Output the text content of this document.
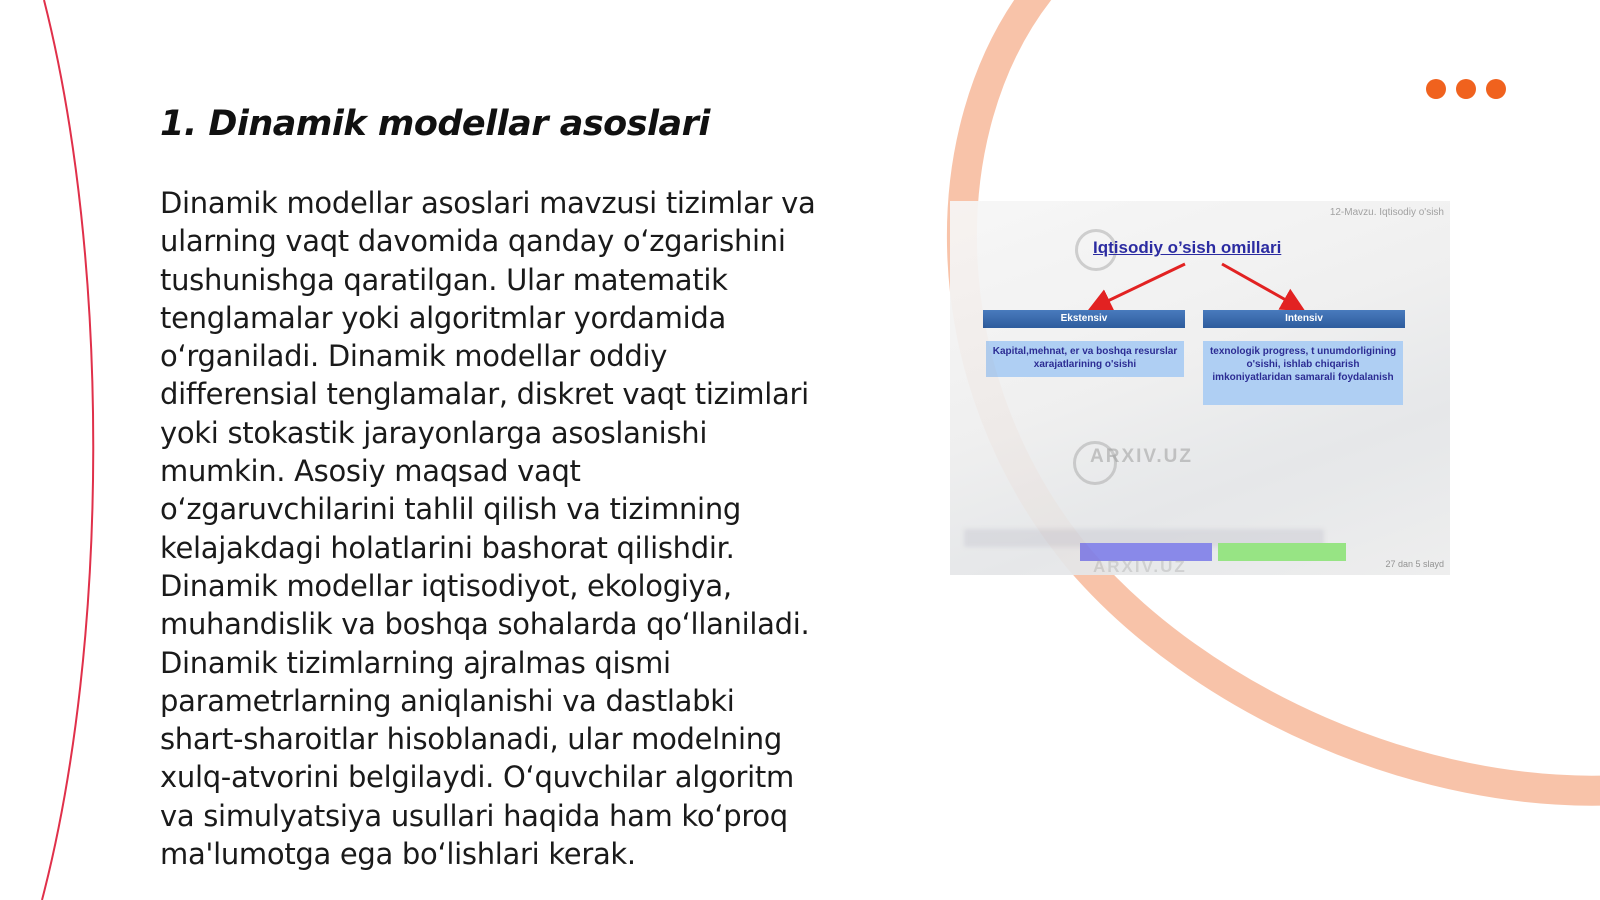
1. Dinamik modellar asoslari

Dinamik modellar asoslari mavzusi tizimlar va ularning vaqt davomida qanday o‘zgarishini tushunishga qaratilgan. Ular matematik tenglamalar yoki algoritmlar yordamida o‘rganiladi. Dinamik modellar oddiy differensial tenglamalar, diskret vaqt tizimlari yoki stokastik jarayonlarga asoslanishi mumkin. Asosiy maqsad vaqt o‘zgaruvchilarini tahlil qilish va tizimning kelajakdagi holatlarini bashorat qilishdir. Dinamik modellar iqtisodiyot, ekologiya, muhandislik va boshqa sohalarda qo‘llaniladi. Dinamik tizimlarning ajralmas qismi parametrlarning aniqlanishi va dastlabki shart-sharoitlar hisoblanadi, ular modelning xulq-atvorini belgilaydi. O‘quvchilar algoritm va simulyatsiya usullari haqida ham ko‘proq ma'lumotga ega bo‘lishlari kerak.

12-Mavzu. Iqtisodiy o'sish
Iqtisodiy o’sish omillari
Ekstensiv	Intensiv
Kapital,mehnat, er va boshqa resurslar xarajatlarining o'sishi
texnologik progress, t unumdorligining o'sishi, ishlab chiqarish imkoniyatlaridan samarali foydalanish
ARXIV.UZ
ARXIV.UZ	27 dan 5 slayd
